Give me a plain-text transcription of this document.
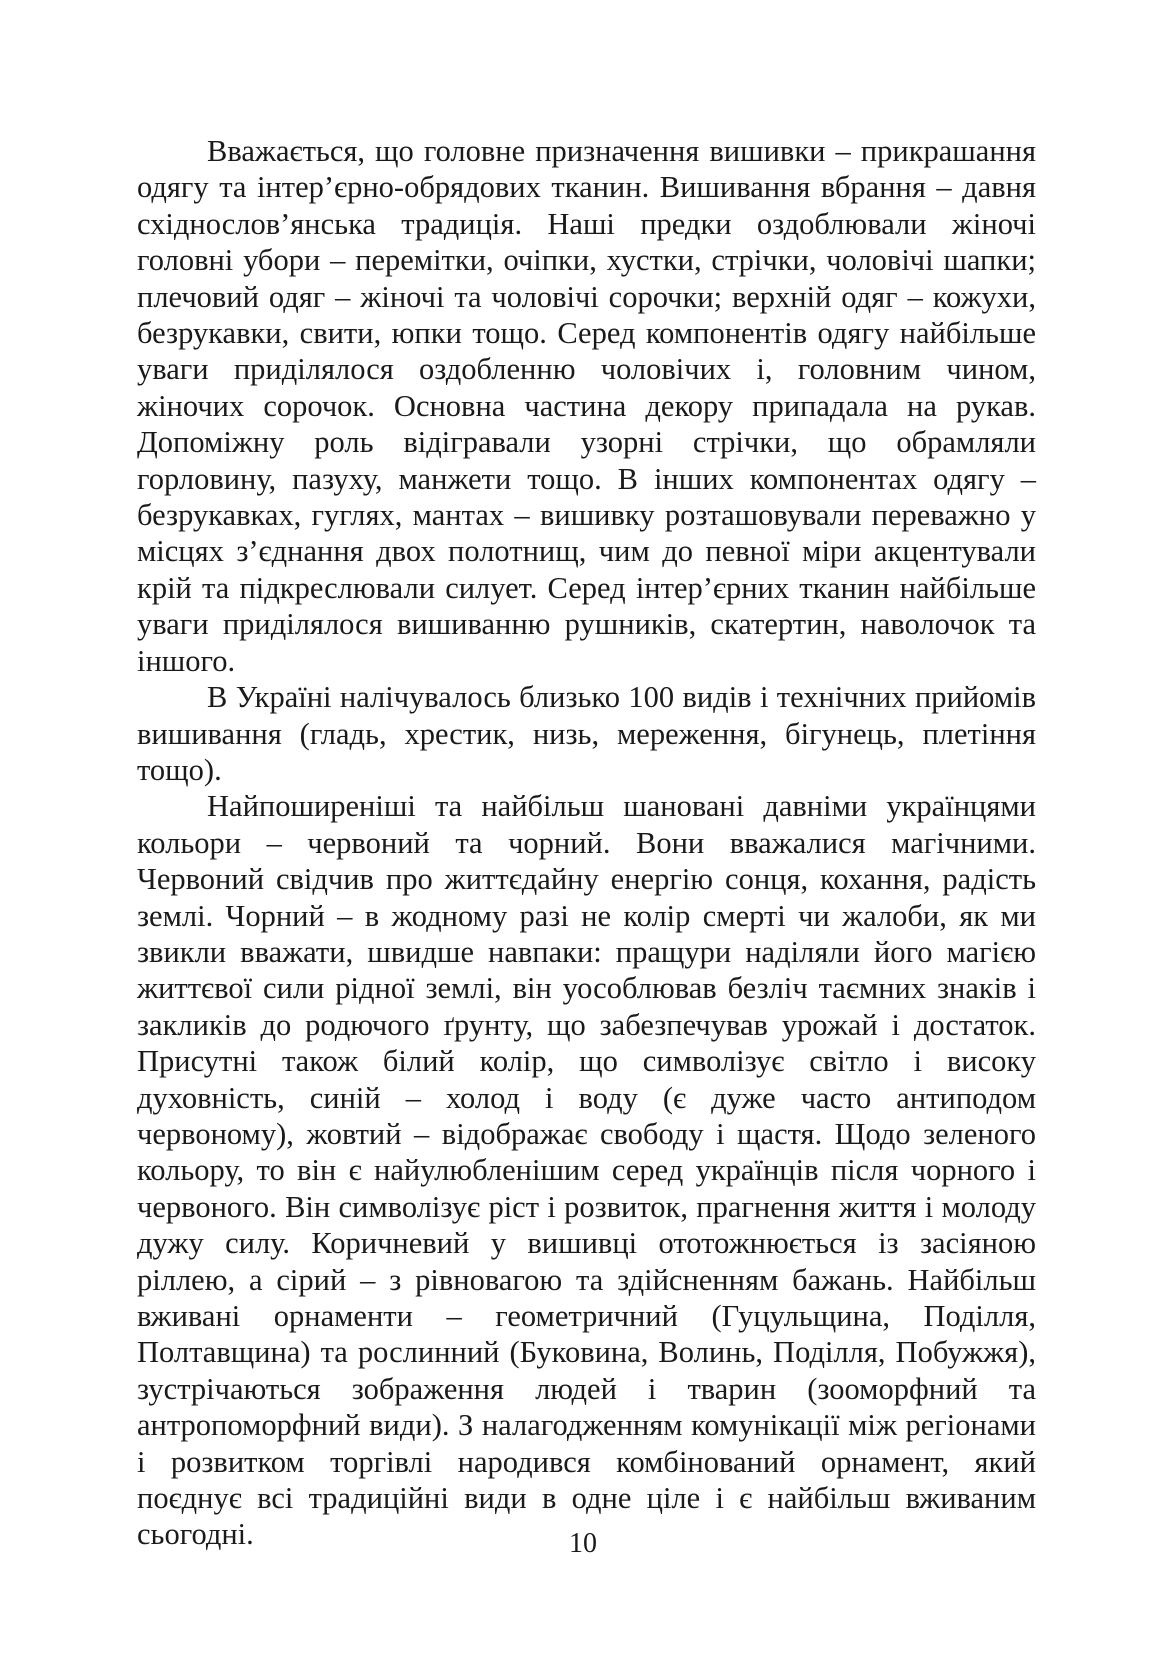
Вважається, що головне призначення вишивки – прикрашання одягу та інтер’єрно-обрядових тканин. Вишивання вбрання – давня східнослов’янська традиція. Наші предки оздоблювали жіночі головні убори – перемітки, очіпки, хустки, стрічки, чоловічі шапки; плечовий одяг – жіночі та чоловічі сорочки; верхній одяг – кожухи, безрукавки, свити, юпки тощо. Серед компонентів одягу найбільше уваги приділялося оздобленню чоловічих і, головним чином, жіночих сорочок. Основна частина декору припадала на рукав. Допоміжну роль відігравали узорні стрічки, що обрамляли горловину, пазуху, манжети тощо. В інших компонентах одягу – безрукавках, гуглях, мантах – вишивку розташовували переважно у місцях з’єднання двох полотнищ, чим до певної міри акцентували крій та підкреслювали силует. Серед інтер’єрних тканин найбільше уваги приділялося вишиванню рушників, скатертин, наволочок та іншого.

В Україні налічувалось близько 100 видів і технічних прийомів вишивання (гладь, хрестик, низь, мереження, бігунець, плетіння тощо).

Найпоширеніші та найбільш шановані давніми українцями кольори – червоний та чорний. Вони вважалися магічними. Червоний свідчив про життєдайну енергію сонця, кохання, радість землі. Чорний – в жодному разі не колір смерті чи жалоби, як ми звикли вважати, швидше навпаки: пращури наділяли його магією життєвої сили рідної землі, він уособлював безліч таємних знаків і закликів до родючого ґрунту, що забезпечував урожай і достаток. Присутні також білий колір, що символізує світло і високу духовність, синій – холод і воду (є дуже часто антиподом червоному), жовтий – відображає свободу і щастя. Щодо зеленого кольору, то він є найулюбленішим серед українців після чорного і червоного. Він символізує ріст і розвиток, прагнення життя і молоду дужу силу. Коричневий у вишивці ототожнюється із засіяною ріллею, а сірий – з рівновагою та здійсненням бажань. Найбільш вживані орнаменти – геометричний (Гуцульщина, Поділля, Полтавщина) та рослинний (Буковина, Волинь, Поділля, Побужжя), зустрічаються зображення людей і тварин (зооморфний та антропоморфний види). З налагодженням комунікації між регіонами і розвитком торгівлі народився комбінований орнамент, який поєднує всі традиційні види в одне ціле і є найбільш вживаним сьогодні.	10
